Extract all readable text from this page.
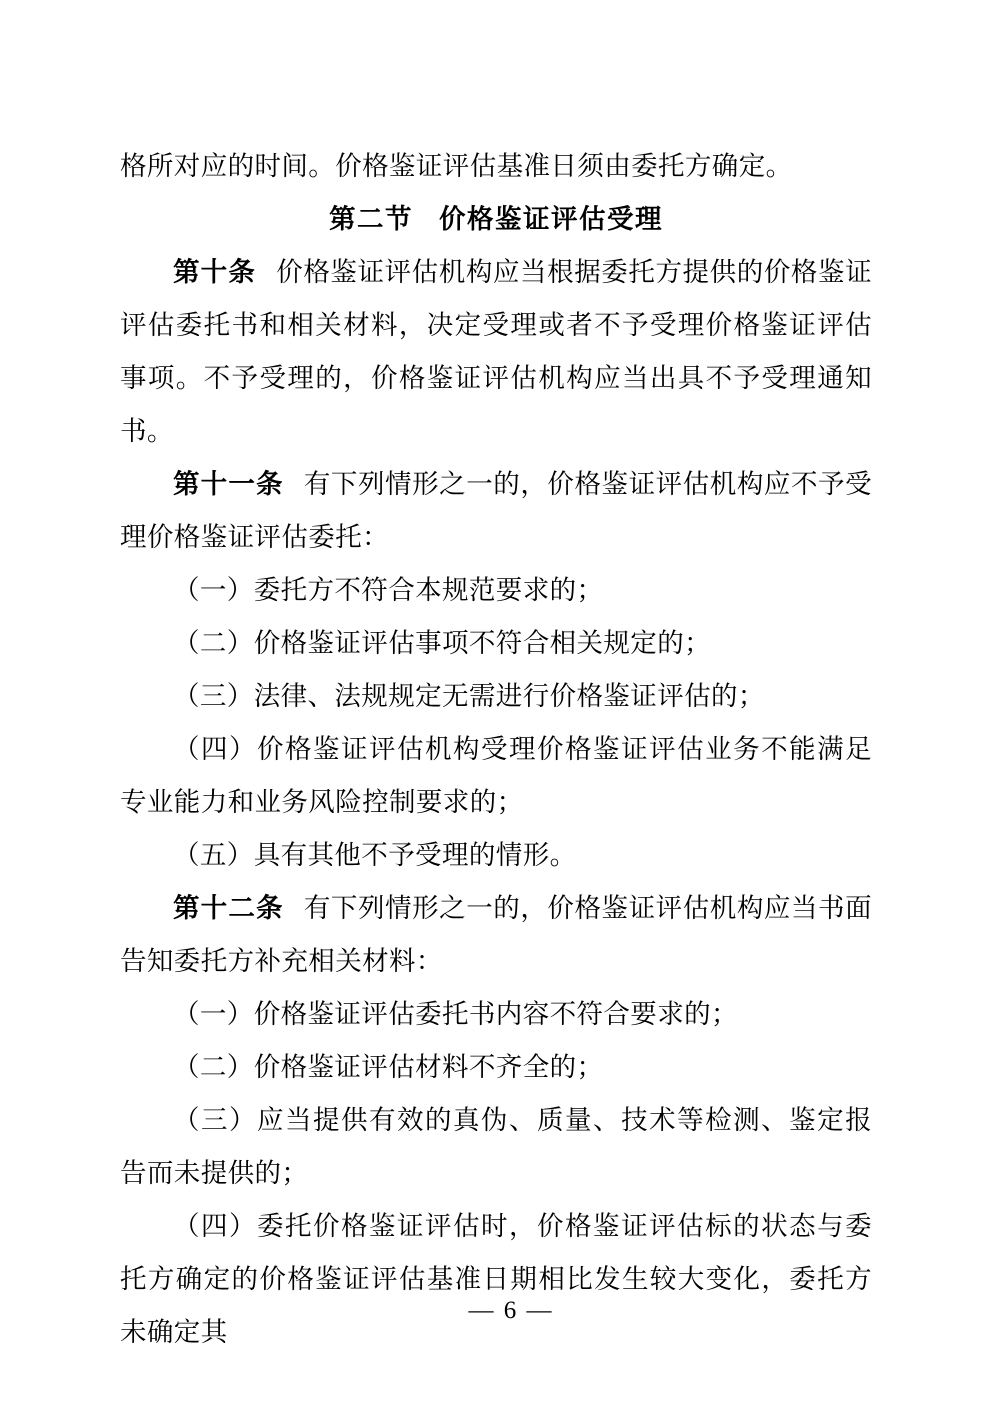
格所对应的时间。价格鉴证评估基准日须由委托方确定。

第二节 价格鉴证评估受理

第十条 价格鉴证评估机构应当根据委托方提供的价格鉴证评估委托书和相关材料，决定受理或者不予受理价格鉴证评估事项。不予受理的，价格鉴证评估机构应当出具不予受理通知书。

第十一条 有下列情形之一的，价格鉴证评估机构应不予受理价格鉴证评估委托：

（一）委托方不符合本规范要求的；

（二）价格鉴证评估事项不符合相关规定的；

（三）法律、法规规定无需进行价格鉴证评估的；

（四）价格鉴证评估机构受理价格鉴证评估业务不能满足专业能力和业务风险控制要求的；

（五）具有其他不予受理的情形。

第十二条 有下列情形之一的，价格鉴证评估机构应当书面告知委托方补充相关材料：

（一）价格鉴证评估委托书内容不符合要求的；

（二）价格鉴证评估材料不齐全的；

（三）应当提供有效的真伪、质量、技术等检测、鉴定报告而未提供的；

（四）委托价格鉴证评估时，价格鉴证评估标的状态与委托方确定的价格鉴证评估基准日期相比发生较大变化，委托方未确定其

— 6 —
